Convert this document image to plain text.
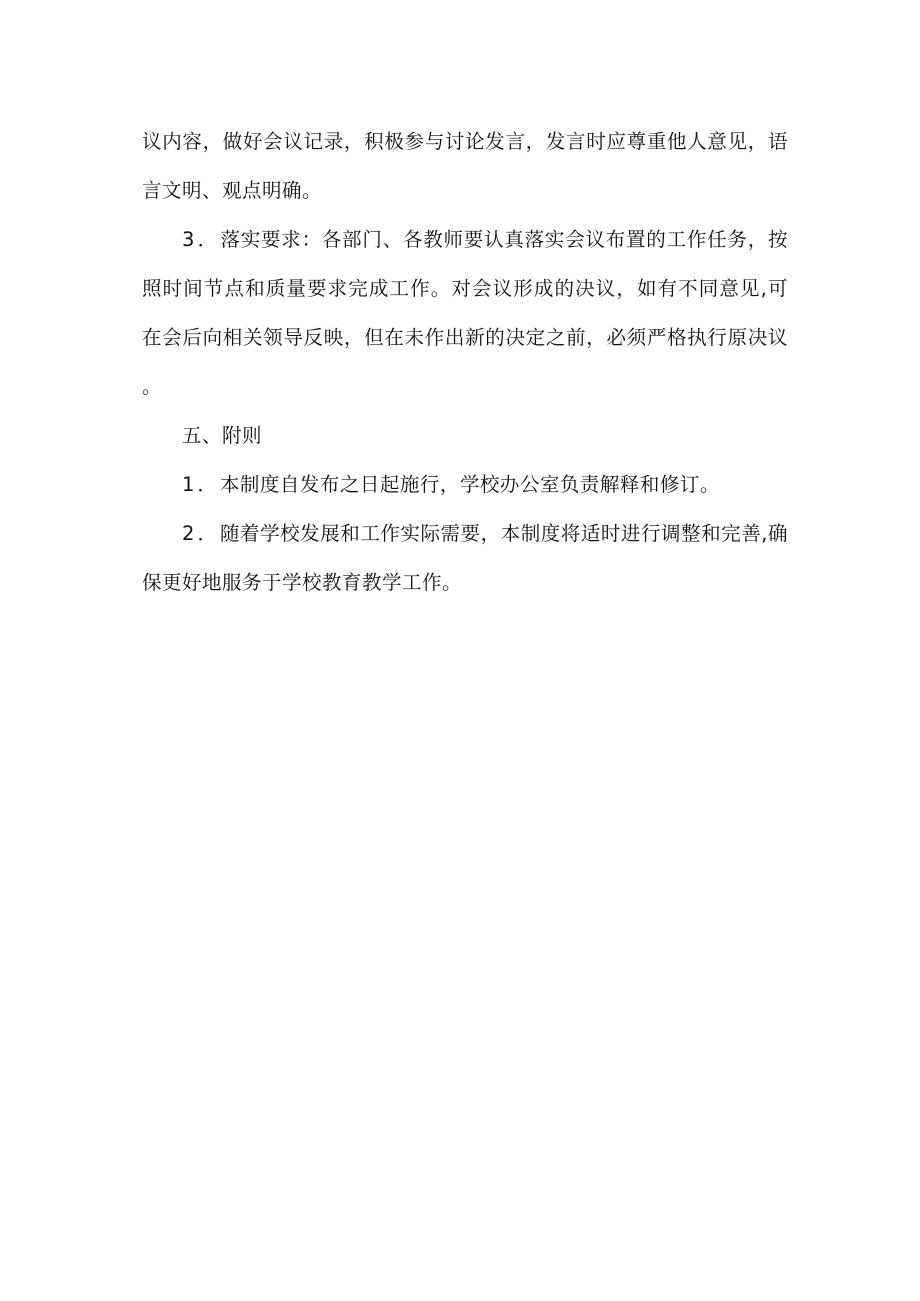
议内容，做好会议记录，积极参与讨论发言，发言时应尊重他人意见，语言文明、观点明确。

3．落实要求：各部门、各教师要认真落实会议布置的工作任务，按照时间节点和质量要求完成工作。对会议形成的决议，如有不同意见,可在会后向相关领导反映，但在未作出新的决定之前，必须严格执行原决议。

五、附则

1．本制度自发布之日起施行，学校办公室负责解释和修订。

2．随着学校发展和工作实际需要，本制度将适时进行调整和完善,确保更好地服务于学校教育教学工作。
